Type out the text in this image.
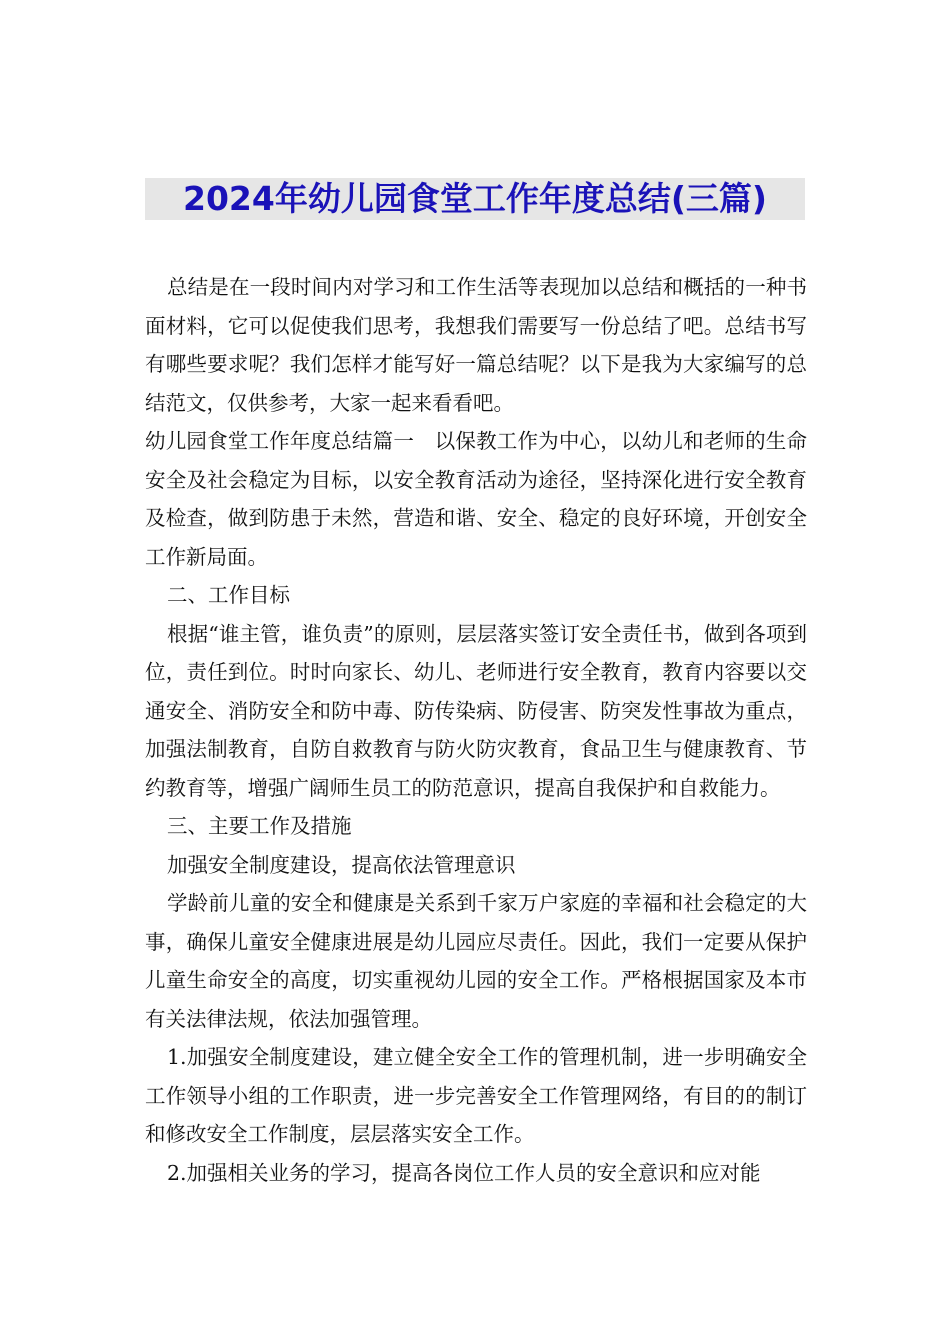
2024年幼儿园食堂工作年度总结(三篇)

总结是在一段时间内对学习和工作生活等表现加以总结和概括的一种书面材料，它可以促使我们思考，我想我们需要写一份总结了吧。总结书写有哪些要求呢？我们怎样才能写好一篇总结呢？以下是我为大家编写的总结范文，仅供参考，大家一起来看看吧。

幼儿园食堂工作年度总结篇一　以保教工作为中心，以幼儿和老师的生命安全及社会稳定为目标，以安全教育活动为途径，坚持深化进行安全教育及检查，做到防患于未然，营造和谐、安全、稳定的良好环境，开创安全工作新局面。

二、工作目标

根据“谁主管，谁负责”的原则，层层落实签订安全责任书，做到各项到位，责任到位。时时向家长、幼儿、老师进行安全教育，教育内容要以交通安全、消防安全和防中毒、防传染病、防侵害、防突发性事故为重点，加强法制教育，自防自救教育与防火防灾教育，食品卫生与健康教育、节约教育等，增强广阔师生员工的防范意识，提高自我保护和自救能力。

三、主要工作及措施

加强安全制度建设，提高依法管理意识

学龄前儿童的安全和健康是关系到千家万户家庭的幸福和社会稳定的大事，确保儿童安全健康进展是幼儿园应尽责任。因此，我们一定要从保护儿童生命安全的高度，切实重视幼儿园的安全工作。严格根据国家及本市有关法律法规，依法加强管理。

1.加强安全制度建设，建立健全安全工作的管理机制，进一步明确安全工作领导小组的工作职责，进一步完善安全工作管理网络，有目的的制订和修改安全工作制度，层层落实安全工作。

2.加强相关业务的学习，提高各岗位工作人员的安全意识和应对能
